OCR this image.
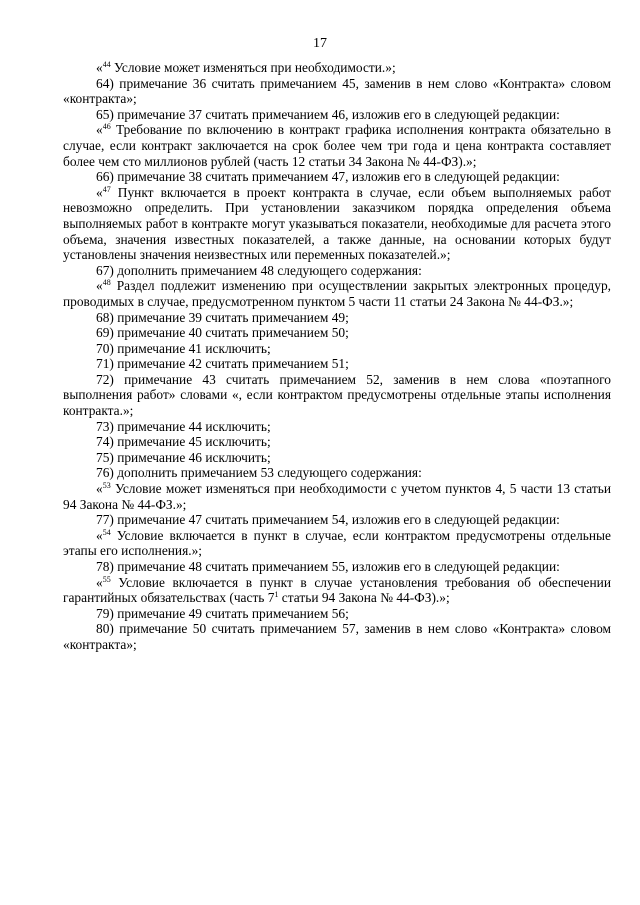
17

«$^{44}$ Условие может изменяться при необходимости.»;

64) примечание 36 считать примечанием 45, заменив в нем слово «Контракта» словом «контракта»;

65) примечание 37 считать примечанием 46, изложив его в следующей редакции:

«$^{46}$ Требование по включению в контракт графика исполнения контракта обязательно в случае, если контракт заключается на срок более чем три года и цена контракта составляет более чем сто миллионов рублей (часть 12 статьи 34 Закона № 44-ФЗ).»;

66) примечание 38 считать примечанием 47, изложив его в следующей редакции:

«$^{47}$ Пункт включается в проект контракта в случае, если объем выполняемых работ невозможно определить. При установлении заказчиком порядка определения объема выполняемых работ в контракте могут указываться показатели, необходимые для расчета этого объема, значения известных показателей, а также данные, на основании которых будут установлены значения неизвестных или переменных показателей.»;

67) дополнить примечанием 48 следующего содержания:

«$^{48}$ Раздел подлежит изменению при осуществлении закрытых электронных процедур, проводимых в случае, предусмотренном пунктом 5 части 11 статьи 24 Закона № 44-ФЗ.»;

68) примечание 39 считать примечанием 49;

69) примечание 40 считать примечанием 50;

70) примечание 41 исключить;

71) примечание 42 считать примечанием 51;

72) примечание 43 считать примечанием 52, заменив в нем слова «поэтапного выполнения работ» словами «, если контрактом предусмотрены отдельные этапы исполнения контракта.»;

73) примечание 44 исключить;

74) примечание 45 исключить;

75) примечание 46 исключить;

76) дополнить примечанием 53 следующего содержания:

«$^{53}$ Условие может изменяться при необходимости с учетом пунктов 4, 5 части 13 статьи 94 Закона № 44-ФЗ.»;

77) примечание 47 считать примечанием 54, изложив его в следующей редакции:

«$^{54}$ Условие включается в пункт в случае, если контрактом предусмотрены отдельные этапы его исполнения.»;

78) примечание 48 считать примечанием 55, изложив его в следующей редакции:

«$^{55}$ Условие включается в пункт в случае установления требования об обеспечении гарантийных обязательствах (часть $7^1$ статьи 94 Закона № 44-ФЗ).»;

79) примечание 49 считать примечанием 56;

80) примечание 50 считать примечанием 57, заменив в нем слово «Контракта» словом «контракта»;
